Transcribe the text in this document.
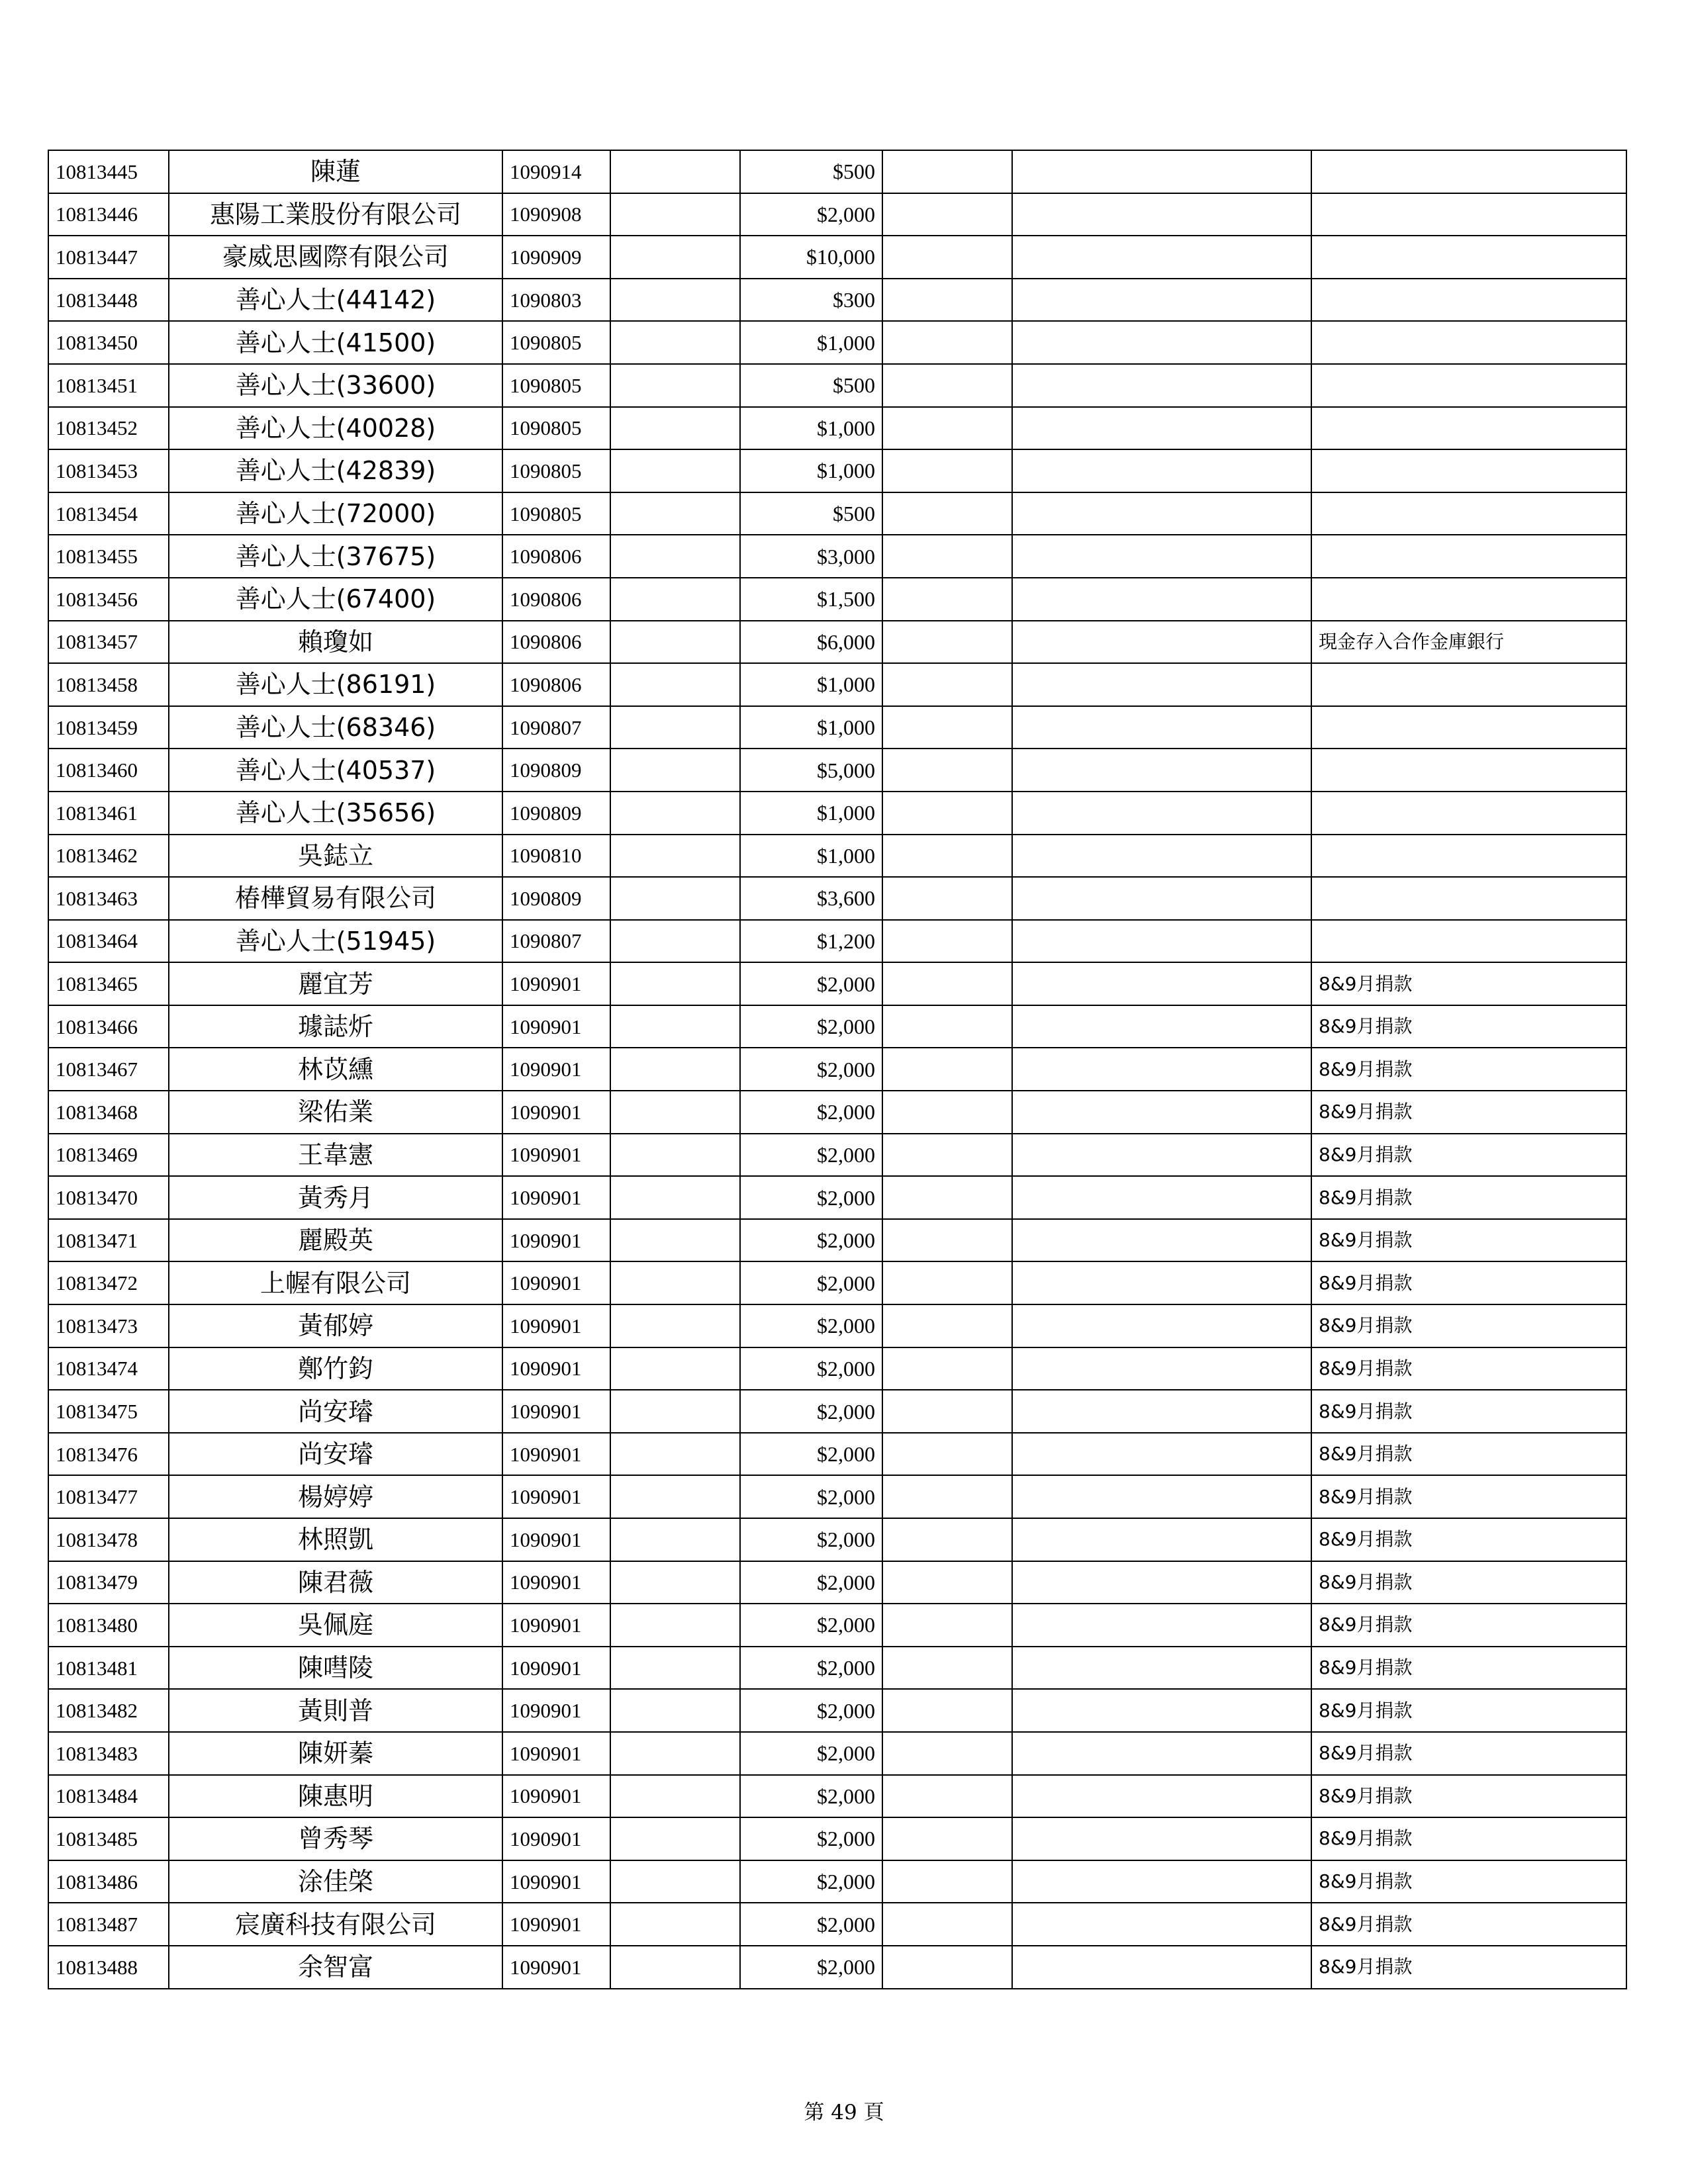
10813445	陳蓮	1090914		$500			
10813446	惠陽工業股份有限公司	1090908		$2,000			
10813447	豪威思國際有限公司	1090909		$10,000			
10813448	善心人士(44142)	1090803		$300			
10813450	善心人士(41500)	1090805		$1,000			
10813451	善心人士(33600)	1090805		$500			
10813452	善心人士(40028)	1090805		$1,000			
10813453	善心人士(42839)	1090805		$1,000			
10813454	善心人士(72000)	1090805		$500			
10813455	善心人士(37675)	1090806		$3,000			
10813456	善心人士(67400)	1090806		$1,500			
10813457	賴瓊如	1090806		$6,000			現金存入合作金庫銀行
10813458	善心人士(86191)	1090806		$1,000			
10813459	善心人士(68346)	1090807		$1,000			
10813460	善心人士(40537)	1090809		$5,000			
10813461	善心人士(35656)	1090809		$1,000			
10813462	吳鋕立	1090810		$1,000			
10813463	椿樺貿易有限公司	1090809		$3,600			
10813464	善心人士(51945)	1090807		$1,200			
10813465	麗宜芳	1090901		$2,000			8&9月捐款
10813466	璩誌炘	1090901		$2,000			8&9月捐款
10813467	林苡纁	1090901		$2,000			8&9月捐款
10813468	梁佑業	1090901		$2,000			8&9月捐款
10813469	王韋憲	1090901		$2,000			8&9月捐款
10813470	黃秀月	1090901		$2,000			8&9月捐款
10813471	麗殿英	1090901		$2,000			8&9月捐款
10813472	上幄有限公司	1090901		$2,000			8&9月捐款
10813473	黃郁婷	1090901		$2,000			8&9月捐款
10813474	鄭竹鈞	1090901		$2,000			8&9月捐款
10813475	尚安璿	1090901		$2,000			8&9月捐款
10813476	尚安璿	1090901		$2,000			8&9月捐款
10813477	楊婷婷	1090901		$2,000			8&9月捐款
10813478	林照凱	1090901		$2,000			8&9月捐款
10813479	陳君薇	1090901		$2,000			8&9月捐款
10813480	吳佩庭	1090901		$2,000			8&9月捐款
10813481	陳嘒陵	1090901		$2,000			8&9月捐款
10813482	黃則普	1090901		$2,000			8&9月捐款
10813483	陳妍蓁	1090901		$2,000			8&9月捐款
10813484	陳惠明	1090901		$2,000			8&9月捐款
10813485	曾秀琴	1090901		$2,000			8&9月捐款
10813486	涂佳棨	1090901		$2,000			8&9月捐款
10813487	宸廣科技有限公司	1090901		$2,000			8&9月捐款
10813488	余智富	1090901		$2,000			8&9月捐款
第 49 頁
